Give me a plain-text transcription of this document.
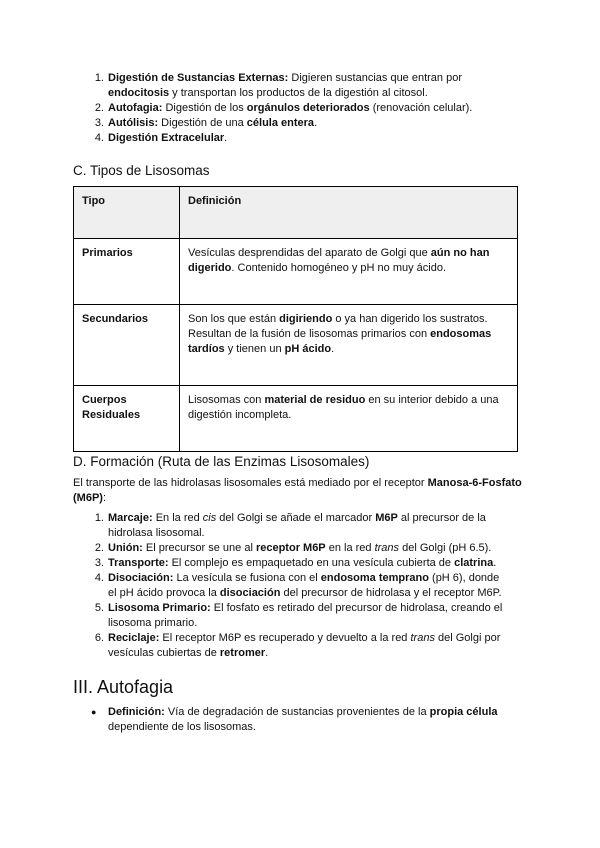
1. Digestión de Sustancias Externas: Digieren sustancias que entran por endocitosis y transportan los productos de la digestión al citosol.
2. Autofagia: Digestión de los orgánulos deteriorados (renovación celular).
3. Autólisis: Digestión de una célula entera.
4. Digestión Extracelular.
C. Tipos de Lisosomas
Tipo	Definición
Primarios	Vesículas desprendidas del aparato de Golgi que aún no han digerido. Contenido homogéneo y pH no muy ácido.
Secundarios	Son los que están digiriendo o ya han digerido los sustratos. Resultan de la fusión de lisosomas primarios con endosomas tardíos y tienen un pH ácido.
Cuerpos Residuales	Lisosomas con material de residuo en su interior debido a una digestión incompleta.
D. Formación (Ruta de las Enzimas Lisosomales)
El transporte de las hidrolasas lisosomales está mediado por el receptor Manosa-6-Fosfato (M6P):
1. Marcaje: En la red cis del Golgi se añade el marcador M6P al precursor de la hidrolasa lisosomal.
2. Unión: El precursor se une al receptor M6P en la red trans del Golgi (pH 6.5).
3. Transporte: El complejo es empaquetado en una vesícula cubierta de clatrina.
4. Disociación: La vesícula se fusiona con el endosoma temprano (pH 6), donde el pH ácido provoca la disociación del precursor de hidrolasa y el receptor M6P.
5. Lisosoma Primario: El fosfato es retirado del precursor de hidrolasa, creando el lisosoma primario.
6. Reciclaje: El receptor M6P es recuperado y devuelto a la red trans del Golgi por vesículas cubiertas de retromer.
III. Autofagia
● Definición: Vía de degradación de sustancias provenientes de la propia célula dependiente de los lisosomas.
